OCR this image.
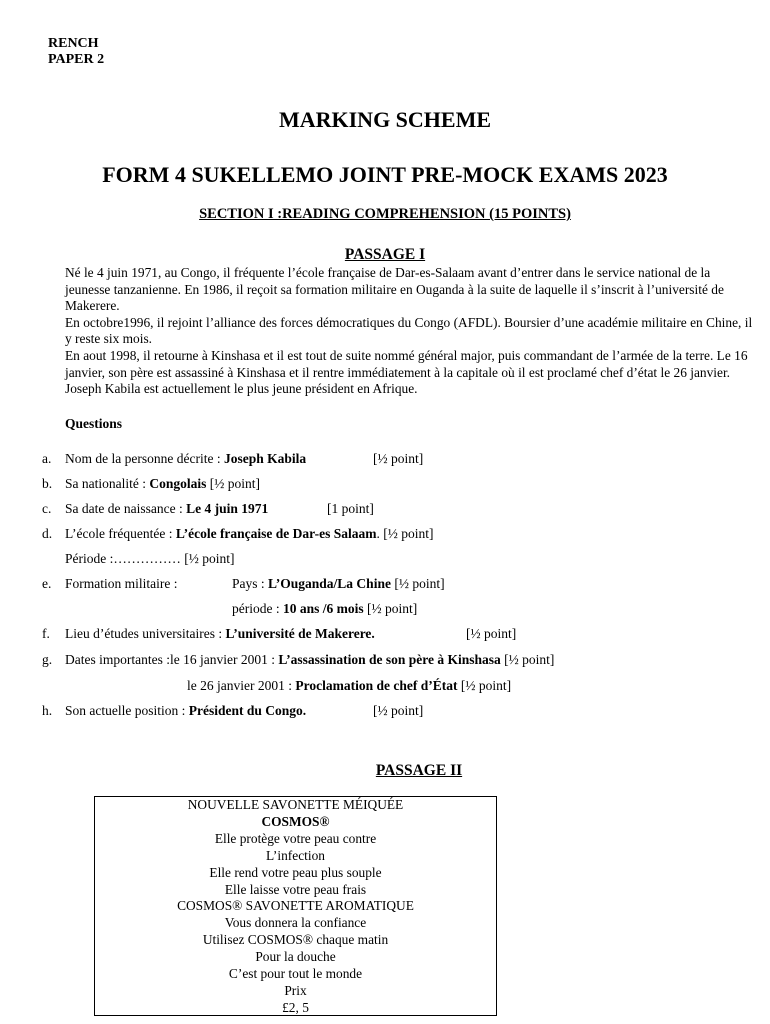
RENCH
PAPER 2
MARKING SCHEME
FORM 4 SUKELLEMO JOINT PRE-MOCK EXAMS 2023
SECTION I :READING COMPREHENSION (15 POINTS)
PASSAGE I

Né le 4 juin 1971, au Congo, il fréquente l’école française de Dar-es-Salaam avant d’entrer dans le service national de la jeunesse tanzanienne. En 1986, il reçoit sa formation militaire en Ouganda à la suite de laquelle il s’inscrit à l’université de Makerere.

En octobre1996, il rejoint l’alliance des forces démocratiques du Congo (AFDL). Boursier d’une académie militaire en Chine, il y reste six mois.

En aout 1998, il retourne à Kinshasa et il est tout de suite nommé général major, puis commandant de l’armée de la terre. Le 16 janvier, son père est assassiné à Kinshasa et il rentre immédiatement à la capitale où il est proclamé chef d’état le 26 janvier. Joseph Kabila est actuellement le plus jeune président en Afrique.

Questions
a. Nom de la personne décrite : Joseph Kabila	[½ point]
b. Sa nationalité : Congolais [½ point]
c. Sa date de naissance : Le 4 juin 1971	[1 point]
d. L’école fréquentée : L’école française de Dar-es Salaam. [½ point]
Période :…………… [½ point]
e. Formation militaire :	Pays : L’Ouganda/La Chine [½ point]
période : 10 ans /6 mois [½ point]
f. Lieu d’études universitaires : L’université de Makerere.	[½ point]
g. Dates importantes :le 16 janvier 2001 : L’assassination de son père à Kinshasa [½ point]
le 26 janvier 2001 : Proclamation de chef d’État [½ point]
h. Son actuelle position : Président du Congo.	[½ point]
PASSAGE II
NOUVELLE SAVONETTE MÉIQUÉE
COSMOS®
Elle protège votre peau contre
L’infection
Elle rend votre peau plus souple
Elle laisse votre peau frais
COSMOS® SAVONETTE AROMATIQUE
Vous donnera la confiance
Utilisez COSMOS® chaque matin
Pour la douche
C’est pour tout le monde
Prix
£2, 5
